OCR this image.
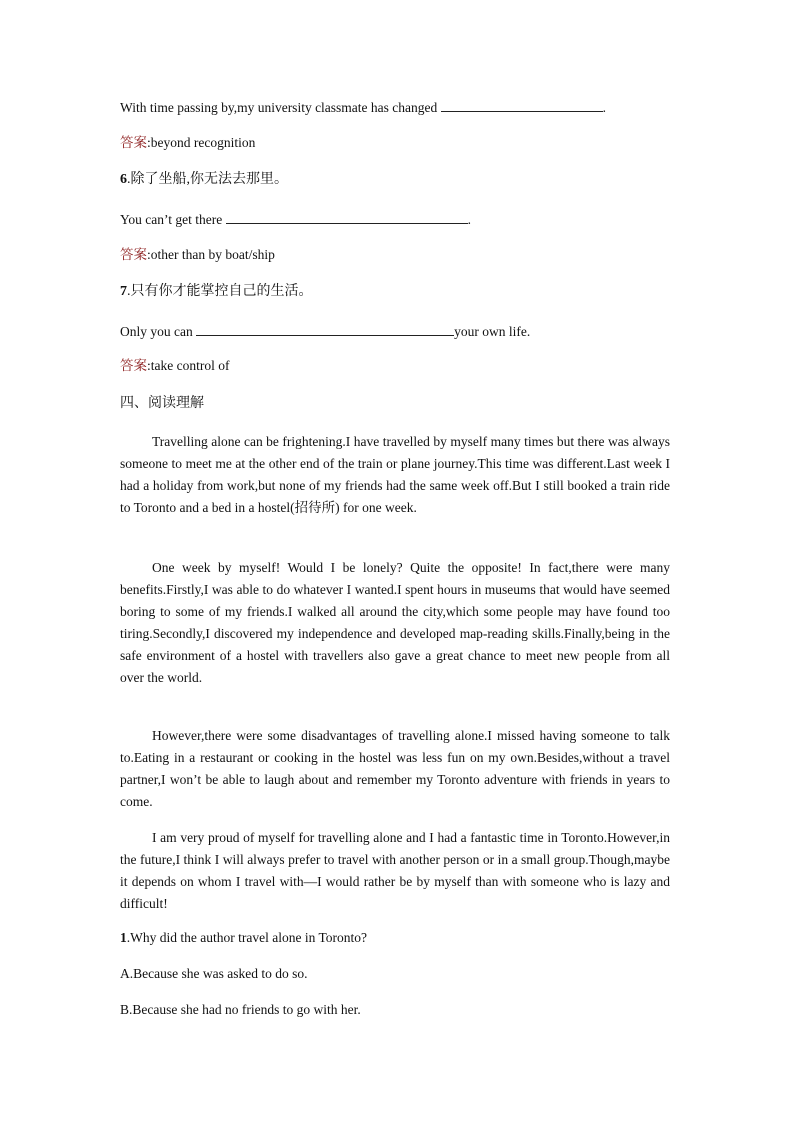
With time passing by,my university classmate has changed	.
答案:beyond recognition
6.除了坐船,你无法去那里。
You can’t get there	.
答案:other than by boat/ship
7.只有你才能掌控自己的生活。
Only you can	your own life.
答案:take control of
四、阅读理解
Travelling alone can be frightening.I have travelled by myself many times but there was always someone to meet me at the other end of the train or plane journey.This time was different.Last week I had a holiday from work,but none of my friends had the same week off.But I still booked a train ride to Toronto and a bed in a hostel(招待所) for one week.
One week by myself! Would I be lonely? Quite the opposite! In fact,there were many benefits.Firstly,I was able to do whatever I wanted.I spent hours in museums that would have seemed boring to some of my friends.I walked all around the city,which some people may have found too tiring.Secondly,I discovered my independence and developed map-reading skills.Finally,being in the safe environment of a hostel with travellers also gave a great chance to meet new people from all over the world.
However,there were some disadvantages of travelling alone.I missed having someone to talk to.Eating in a restaurant or cooking in the hostel was less fun on my own.Besides,without a travel partner,I won’t be able to laugh about and remember my Toronto adventure with friends in years to come.
I am very proud of myself for travelling alone and I had a fantastic time in Toronto.However,in the future,I think I will always prefer to travel with another person or in a small group.Though,maybe it depends on whom I travel with—I would rather be by myself than with someone who is lazy and difficult!
1.Why did the author travel alone in Toronto?
A.Because she was asked to do so.
B.Because she had no friends to go with her.
